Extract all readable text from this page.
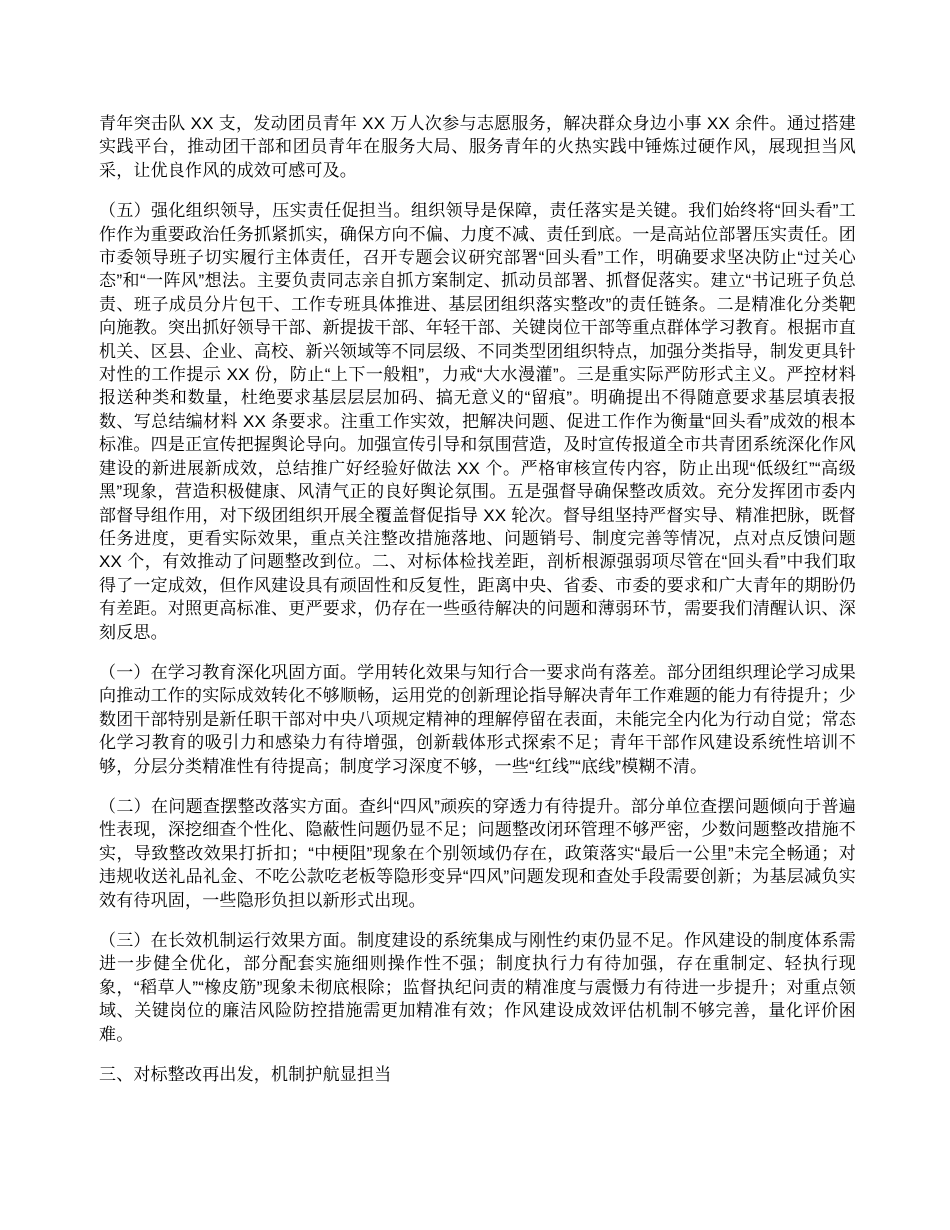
青年突击队 XX 支，发动团员青年 XX 万人次参与志愿服务，解决群众身边小事 XX 余件。通过搭建实践平台，推动团干部和团员青年在服务大局、服务青年的火热实践中锤炼过硬作风，展现担当风采，让优良作风的成效可感可及。

（五）强化组织领导，压实责任促担当。组织领导是保障，责任落实是关键。我们始终将“回头看”工作作为重要政治任务抓紧抓实，确保方向不偏、力度不减、责任到底。一是高站位部署压实责任。团市委领导班子切实履行主体责任，召开专题会议研究部署“回头看”工作，明确要求坚决防止“过关心态”和“一阵风”想法。主要负责同志亲自抓方案制定、抓动员部署、抓督促落实。建立“书记班子负总责、班子成员分片包干、工作专班具体推进、基层团组织落实整改”的责任链条。二是精准化分类靶向施教。突出抓好领导干部、新提拔干部、年轻干部、关键岗位干部等重点群体学习教育。根据市直机关、区县、企业、高校、新兴领域等不同层级、不同类型团组织特点，加强分类指导，制发更具针对性的工作提示 XX 份，防止“上下一般粗”，力戒“大水漫灌”。三是重实际严防形式主义。严控材料报送种类和数量，杜绝要求基层层层加码、搞无意义的“留痕”。明确提出不得随意要求基层填表报数、写总结编材料 XX 条要求。注重工作实效，把解决问题、促进工作作为衡量“回头看”成效的根本标准。四是正宣传把握舆论导向。加强宣传引导和氛围营造，及时宣传报道全市共青团系统深化作风建设的新进展新成效，总结推广好经验好做法 XX 个。严格审核宣传内容，防止出现“低级红”“高级黑”现象，营造积极健康、风清气正的良好舆论氛围。五是强督导确保整改质效。充分发挥团市委内部督导组作用，对下级团组织开展全覆盖督促指导 XX 轮次。督导组坚持严督实导、精准把脉，既督任务进度，更看实际效果，重点关注整改措施落地、问题销号、制度完善等情况，点对点反馈问题 XX 个，有效推动了问题整改到位。二、对标体检找差距，剖析根源强弱项尽管在“回头看”中我们取得了一定成效，但作风建设具有顽固性和反复性，距离中央、省委、市委的要求和广大青年的期盼仍有差距。对照更高标准、更严要求，仍存在一些亟待解决的问题和薄弱环节，需要我们清醒认识、深刻反思。

（一）在学习教育深化巩固方面。学用转化效果与知行合一要求尚有落差。部分团组织理论学习成果向推动工作的实际成效转化不够顺畅，运用党的创新理论指导解决青年工作难题的能力有待提升；少数团干部特别是新任职干部对中央八项规定精神的理解停留在表面，未能完全内化为行动自觉；常态化学习教育的吸引力和感染力有待增强，创新载体形式探索不足；青年干部作风建设系统性培训不够，分层分类精准性有待提高；制度学习深度不够，一些“红线”“底线”模糊不清。

（二）在问题查摆整改落实方面。查纠“四风”顽疾的穿透力有待提升。部分单位查摆问题倾向于普遍性表现，深挖细查个性化、隐蔽性问题仍显不足；问题整改闭环管理不够严密，少数问题整改措施不实，导致整改效果打折扣；“中梗阻”现象在个别领域仍存在，政策落实“最后一公里”未完全畅通；对违规收送礼品礼金、不吃公款吃老板等隐形变异“四风”问题发现和查处手段需要创新；为基层减负实效有待巩固，一些隐形负担以新形式出现。

（三）在长效机制运行效果方面。制度建设的系统集成与刚性约束仍显不足。作风建设的制度体系需进一步健全优化，部分配套实施细则操作性不强；制度执行力有待加强，存在重制定、轻执行现象，“稻草人”“橡皮筋”现象未彻底根除；监督执纪问责的精准度与震慑力有待进一步提升；对重点领域、关键岗位的廉洁风险防控措施需更加精准有效；作风建设成效评估机制不够完善，量化评价困难。

三、对标整改再出发，机制护航显担当
